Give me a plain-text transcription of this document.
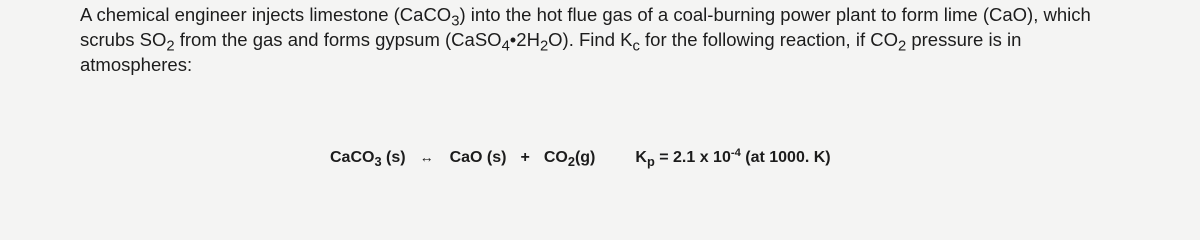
A chemical engineer injects limestone (CaCO$_3$) into the hot flue gas of a coal-burning power plant to form lime (CaO), which
scrubs $SO_2$ from the gas and forms gypsum $(CaSO_4•2H_2O)$. Find $K_c$ for the following reaction, if $CO_2$ pressure is in
atmospheres:
CaCO$_3$ (s) ↔ CaO $(s) + CO_2(g)$	$K_p = 2.1$ x $10^{-4}$ (at 1000. K)
